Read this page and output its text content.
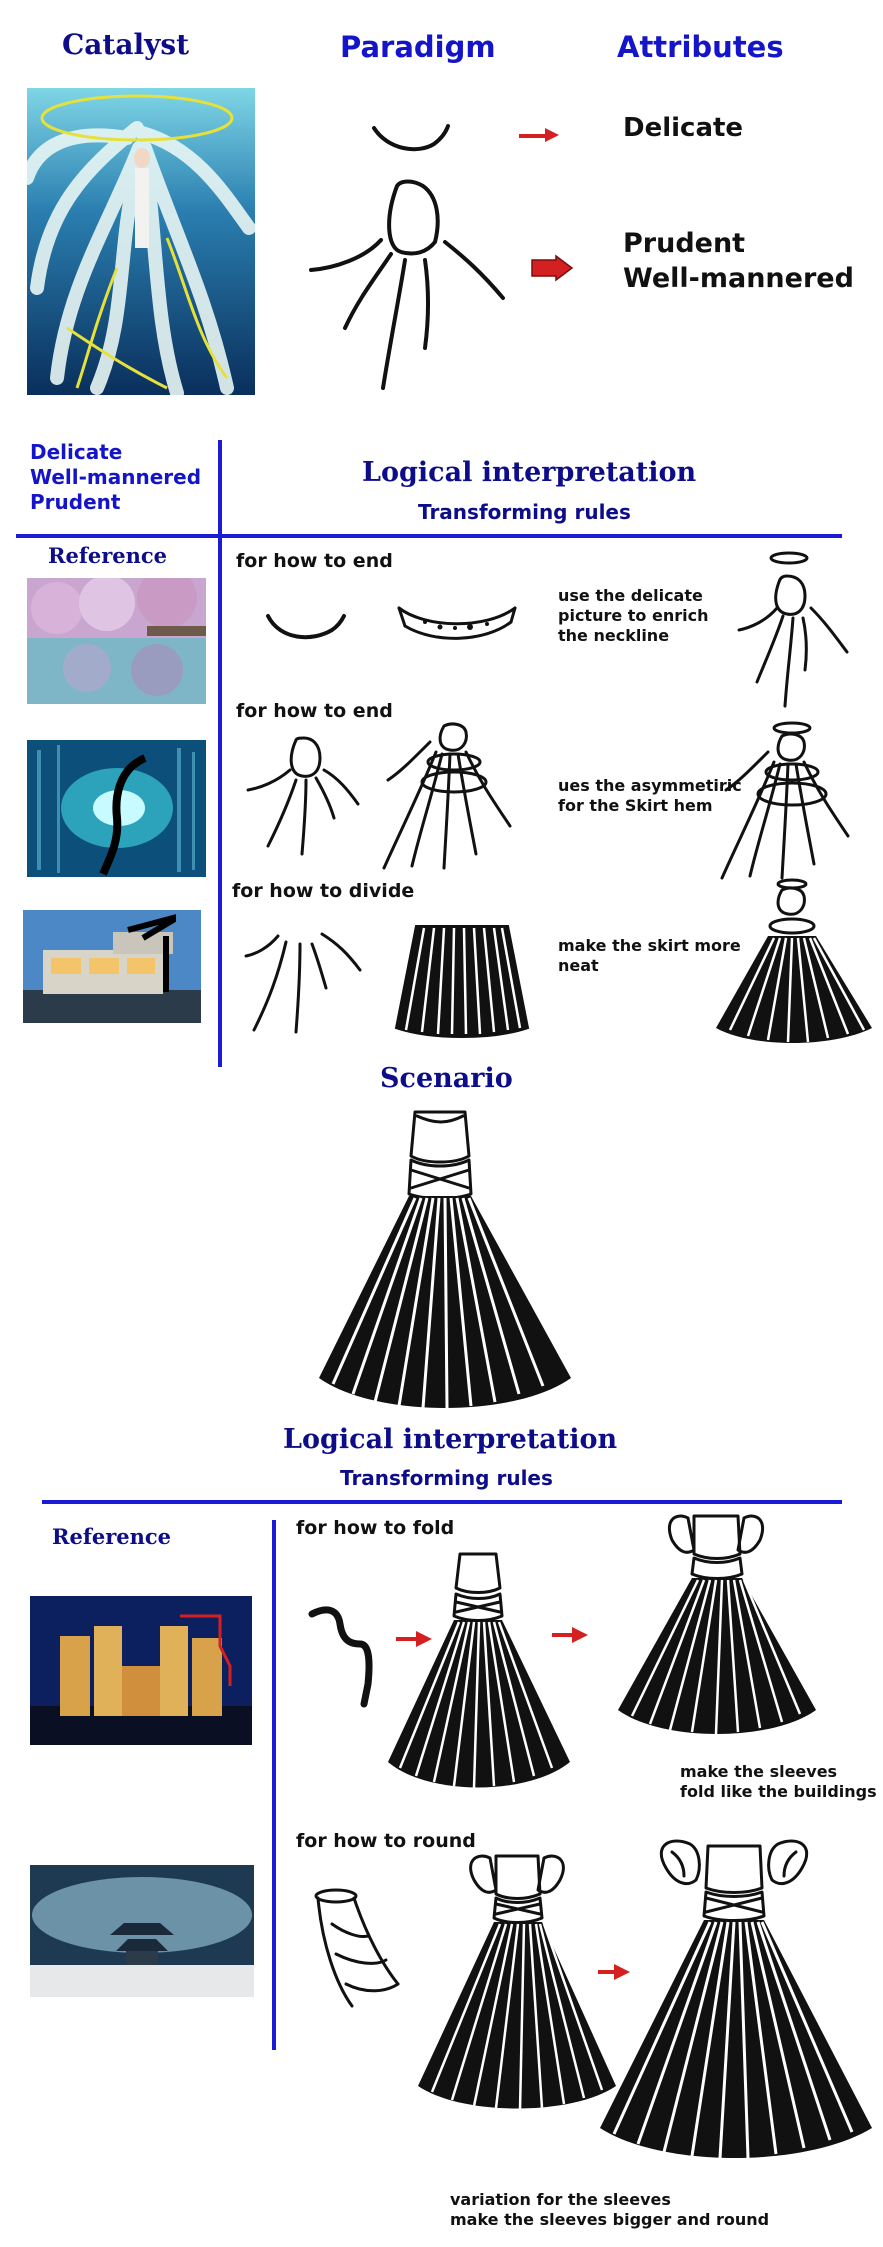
Catalyst	Paradigm	Attributes
Delicate
Prudent
Well-mannered
Delicate
Well-mannered
Prudent
Logical interpretation
Transforming rules
Reference	for how to end
for how to end
for how to divide
use the delicate
picture to enrich
the neckline
ues the asymmetiric
for the Skirt hem
make the skirt more
neat
Scenario
Logical interpretation
Transforming rules
Reference	for how to fold
for how to round
make the sleeves
fold like the buildings
variation for the sleeves
make the sleeves bigger and round
